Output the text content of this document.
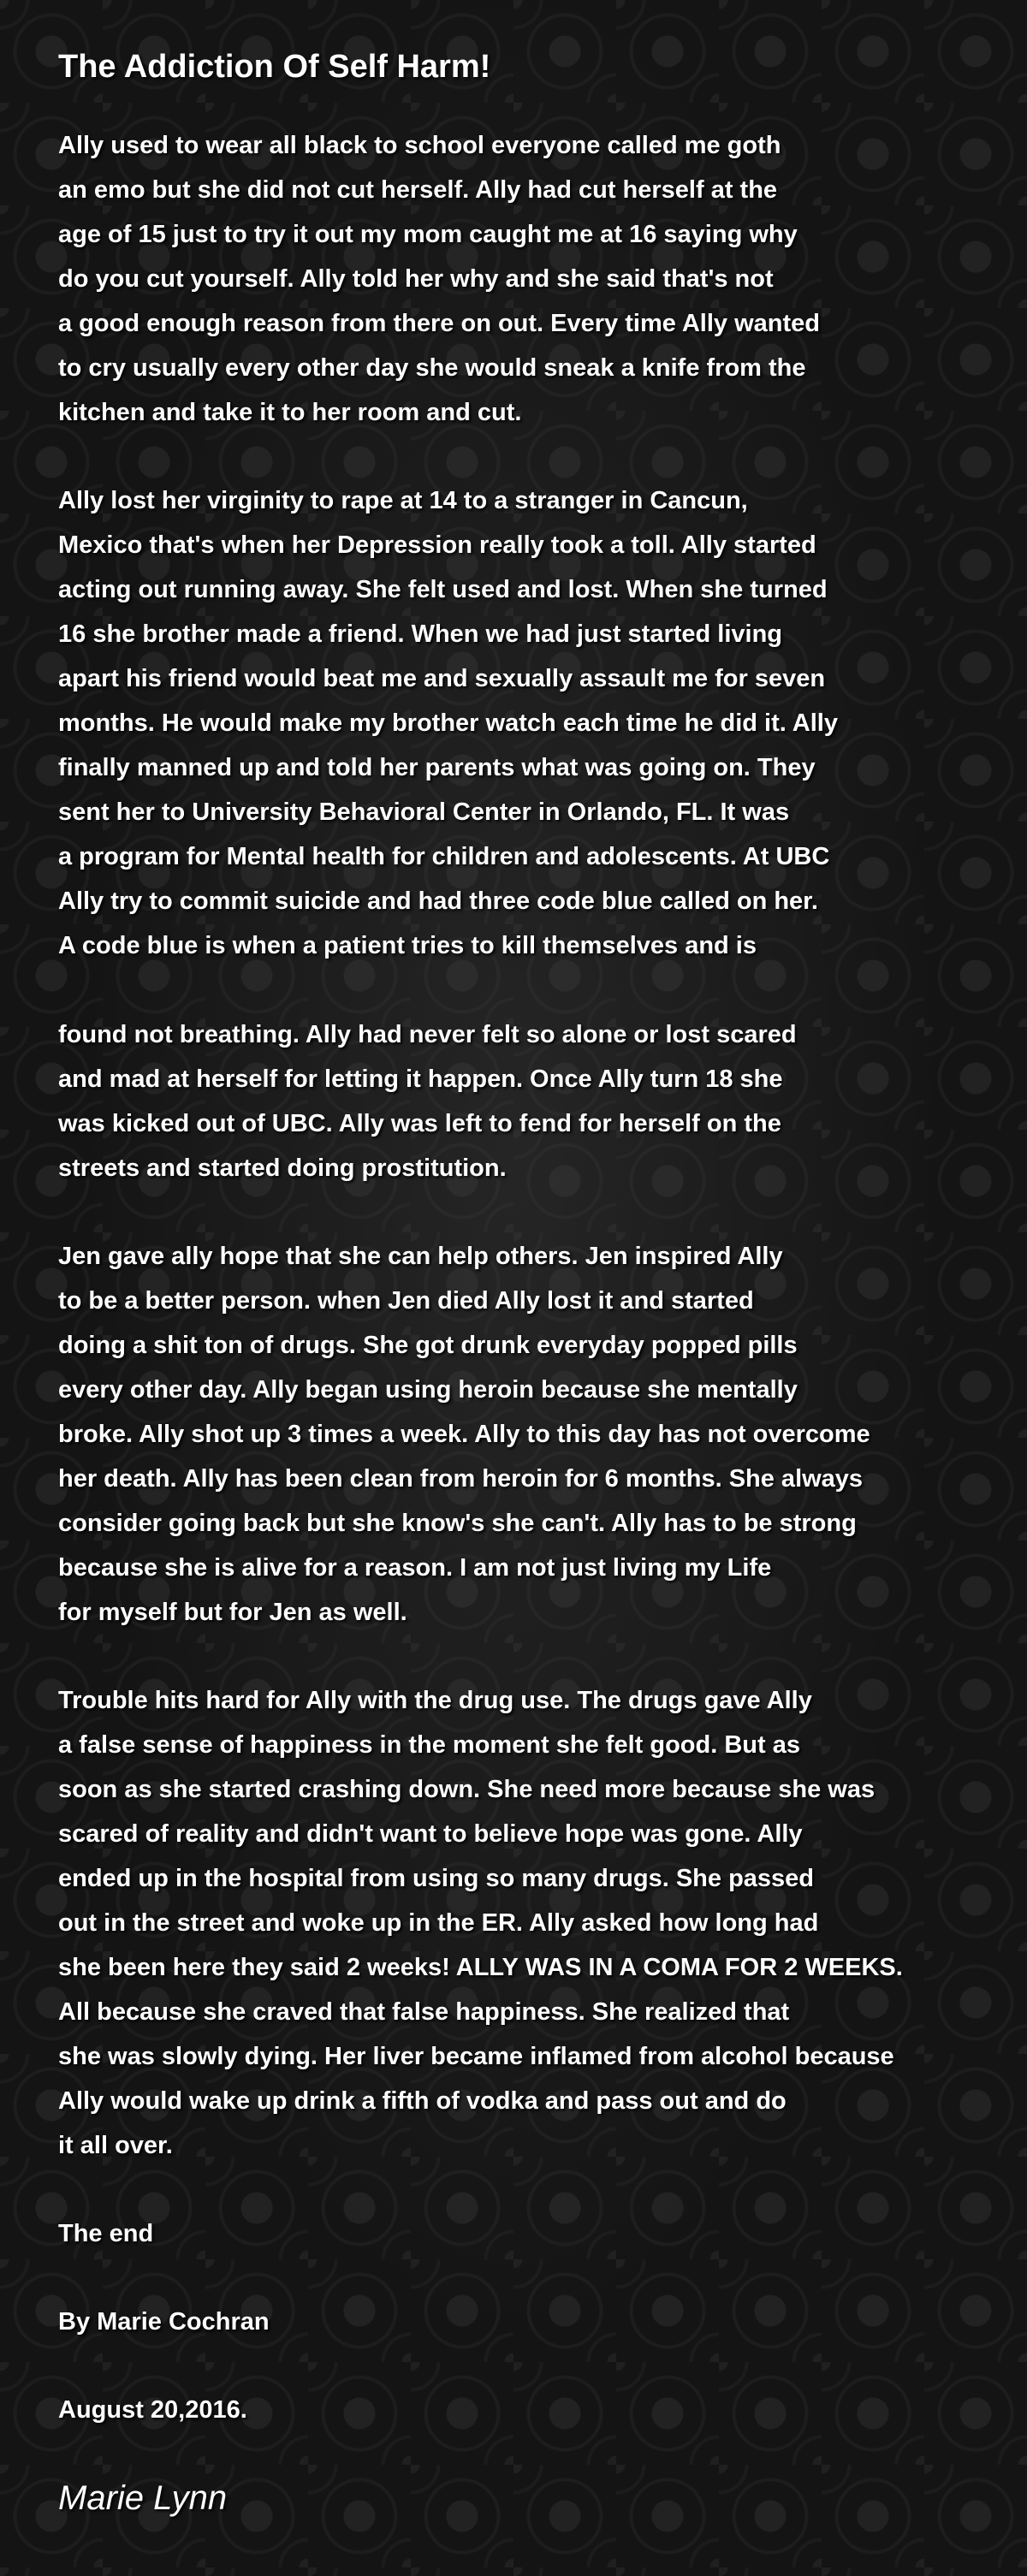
The Addiction Of Self Harm!
Ally used to wear all black to school everyone called me goth
an emo but she did not cut herself. Ally had cut herself at the
age of 15 just to try it out my mom caught me at 16 saying why
do you cut yourself. Ally told her why and she said that's not
a good enough reason from there on out. Every time Ally wanted
to cry usually every other day she would sneak a knife from the
kitchen and take it to her room and cut.
Ally lost her virginity to rape at 14 to a stranger in Cancun,
Mexico that's when her Depression really took a toll. Ally started
acting out running away. She felt used and lost. When she turned
16 she brother made a friend. When we had just started living
apart his friend would beat me and sexually assault me for seven
months. He would make my brother watch each time he did it. Ally
finally manned up and told her parents what was going on. They
sent her to University Behavioral Center in Orlando, FL. It was
a program for Mental health for children and adolescents. At UBC
Ally try to commit suicide and had three code blue called on her.
A code blue is when a patient tries to kill themselves and is
found not breathing. Ally had never felt so alone or lost scared
and mad at herself for letting it happen. Once Ally turn 18 she
was kicked out of UBC. Ally was left to fend for herself on the
streets and started doing prostitution.
Jen gave ally hope that she can help others. Jen inspired Ally
to be a better person. when Jen died Ally lost it and started
doing a shit ton of drugs. She got drunk everyday popped pills
every other day. Ally began using heroin because she mentally
broke. Ally shot up 3 times a week. Ally to this day has not overcome
her death. Ally has been clean from heroin for 6 months. She always
consider going back but she know's she can't. Ally has to be strong
because she is alive for a reason. I am not just living my Life
for myself but for Jen as well.
Trouble hits hard for Ally with the drug use. The drugs gave Ally
a false sense of happiness in the moment she felt good. But as
soon as she started crashing down. She need more because she was
scared of reality and didn't want to believe hope was gone. Ally
ended up in the hospital from using so many drugs. She passed
out in the street and woke up in the ER. Ally asked how long had
she been here they said 2 weeks! ALLY WAS IN A COMA FOR 2 WEEKS.
All because she craved that false happiness. She realized that
she was slowly dying. Her liver became inflamed from alcohol because
Ally would wake up drink a fifth of vodka and pass out and do
it all over.
The end
By Marie Cochran
August 20,2016.
Marie Lynn
